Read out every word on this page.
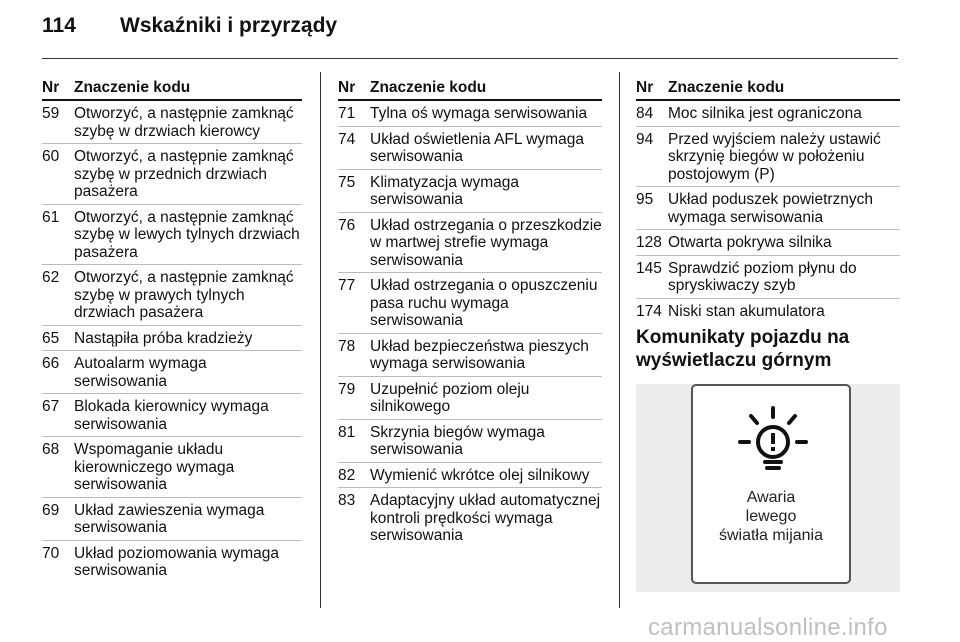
114 Wskaźniki i przyrządy
Nr Znaczenie kodu
59 Otworzyć, a następnie zamknąć szybę w drzwiach kierowcy
60 Otworzyć, a następnie zamknąć szybę w przednich drzwiach pasażera
61 Otworzyć, a następnie zamknąć szybę w lewych tylnych drzwiach pasażera
62 Otworzyć, a następnie zamknąć szybę w prawych tylnych drzwiach pasażera
65 Nastąpiła próba kradzieży
66 Autoalarm wymaga serwisowania
67 Blokada kierownicy wymaga serwisowania
68 Wspomaganie układu kierowniczego wymaga serwisowania
69 Układ zawieszenia wymaga serwisowania
70 Układ poziomowania wymaga serwisowania
Nr Znaczenie kodu
71 Tylna oś wymaga serwisowania
74 Układ oświetlenia AFL wymaga serwisowania
75 Klimatyzacja wymaga serwisowania
76 Układ ostrzegania o przeszkodzie w martwej strefie wymaga serwisowania
77 Układ ostrzegania o opuszczeniu pasa ruchu wymaga serwisowania
78 Układ bezpieczeństwa pieszych wymaga serwisowania
79 Uzupełnić poziom oleju silnikowego
81 Skrzynia biegów wymaga serwisowania
82 Wymienić wkrótce olej silnikowy
83 Adaptacyjny układ automatycznej kontroli prędkości wymaga serwisowania
Nr Znaczenie kodu
84 Moc silnika jest ograniczona
94 Przed wyjściem należy ustawić skrzynię biegów w położeniu postojowym (P)
95 Układ poduszek powietrznych wymaga serwisowania
128 Otwarta pokrywa silnika
145 Sprawdzić poziom płynu do spryskiwaczy szyb
174 Niski stan akumulatora
Komunikaty pojazdu na
wyświetlaczu górnym
Awaria
lewego
światła mijania
carmanualsonline.info
